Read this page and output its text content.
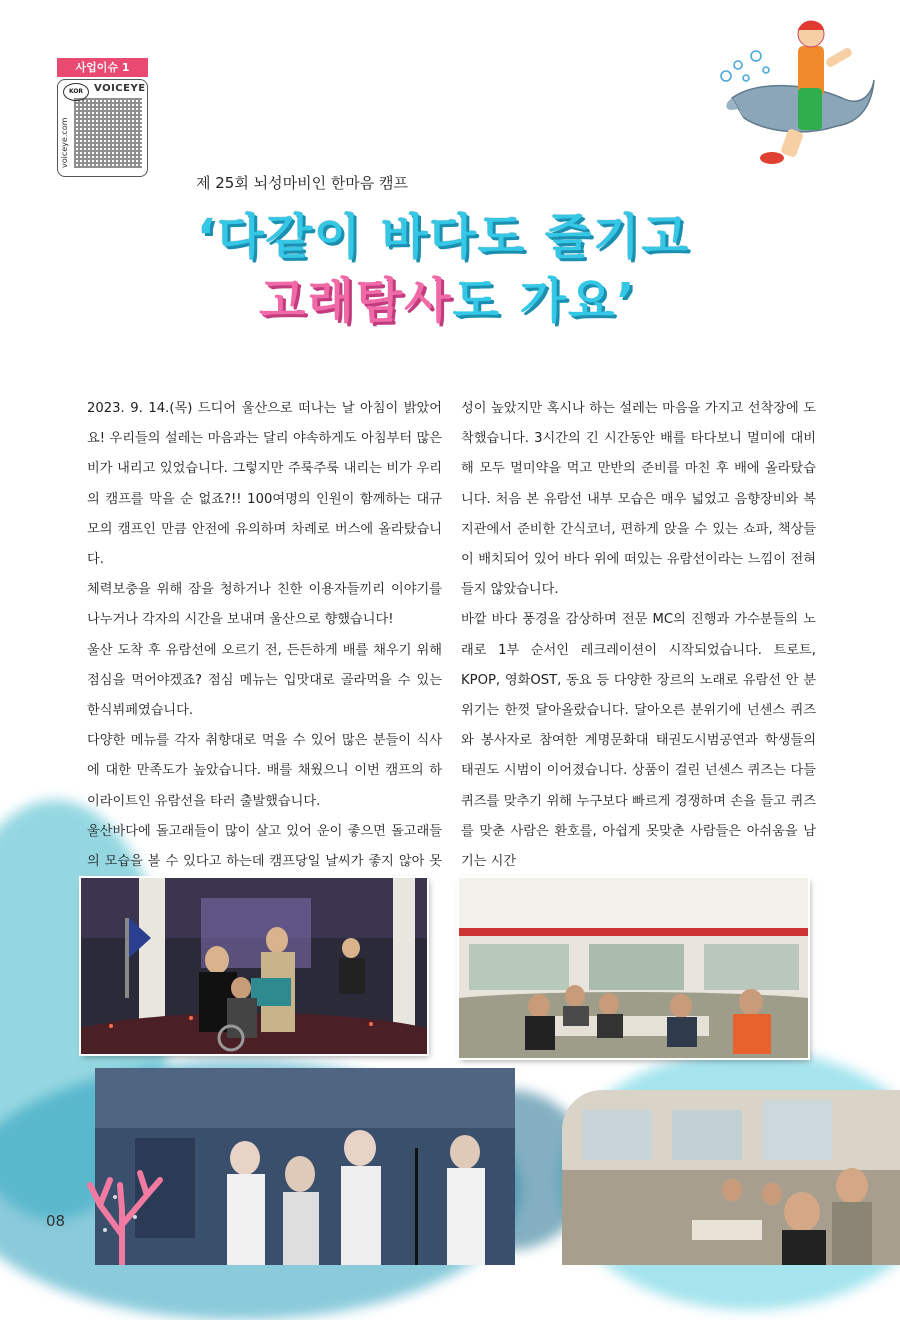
사업이슈 1
KOR	VOICEYE
voiceye.com
제 25회 뇌성마비인 한마음 캠프
‘다같이 바다도 즐기고
고래탐사도 가요’

2023. 9. 14.(목) 드디어 울산으로 떠나는 날 아침이 밝았어요! 우리들의 설레는 마음과는 달리 야속하게도 아침부터 많은 비가 내리고 있었습니다. 그렇지만 주룩주룩 내리는 비가 우리의 캠프를 막을 순 없죠?!! 100여명의 인원이 함께하는 대규모의 캠프인 만큼 안전에 유의하며 차례로 버스에 올라탔습니다.

체력보충을 위해 잠을 청하거나 친한 이용자들끼리 이야기를 나누거나 각자의 시간을 보내며 울산으로 향했습니다!

울산 도착 후 유람선에 오르기 전, 든든하게 배를 채우기 위해 점심을 먹어야겠죠? 점심 메뉴는 입맛대로 골라먹을 수 있는 한식뷔페였습니다.

다양한 메뉴를 각자 취향대로 먹을 수 있어 많은 분들이 식사에 대한 만족도가 높았습니다. 배를 채웠으니 이번 캠프의 하이라이트인 유람선을 타러 출발했습니다.

울산바다에 돌고래들이 많이 살고 있어 운이 좋으면 돌고래들의 모습을 볼 수 있다고 하는데 캠프당일 날씨가 좋지 않아 못

성이 높았지만 혹시나 하는 설레는 마음을 가지고 선착장에 도착했습니다. 3시간의 긴 시간동안 배를 타다보니 멀미에 대비해 모두 멀미약을 먹고 만반의 준비를 마친 후 배에 올라탔습니다. 처음 본 유람선 내부 모습은 매우 넓었고 음향장비와 복지관에서 준비한 간식코너, 편하게 앉을 수 있는 쇼파, 책상들이 배치되어 있어 바다 위에 떠있는 유람선이라는 느낌이 전혀 들지 않았습니다.

바깥 바다 풍경을 감상하며 전문 MC의 진행과 가수분들의 노래로 1부 순서인 레크레이션이 시작되었습니다. 트로트, KPOP, 영화OST, 동요 등 다양한 장르의 노래로 유람선 안 분위기는 한껏 달아올랐습니다. 달아오른 분위기에 넌센스 퀴즈와 봉사자로 참여한 계명문화대 태권도시범공연과 학생들의 태권도 시범이 이어졌습니다. 상품이 걸린 넌센스 퀴즈는 다들 퀴즈를 맞추기 위해 누구보다 빠르게 경쟁하며 손을 들고 퀴즈를 맞춘 사람은 환호를, 아쉽게 못맞춘 사람들은 아쉬움을 남기는 시간

08
